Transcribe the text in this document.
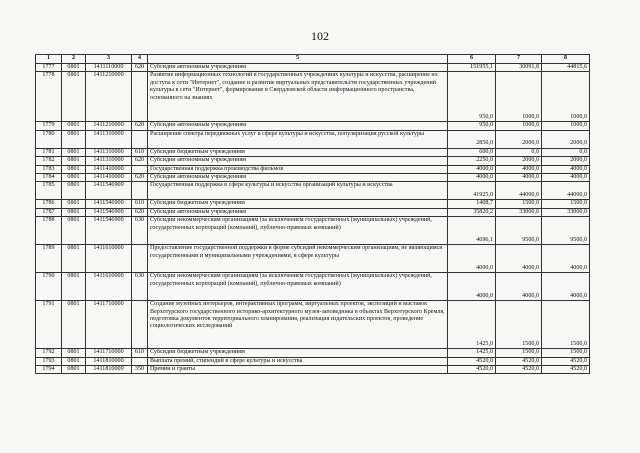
102
1	2	3	4	5	6	7	8
1777	0801	1411110000	620	Субсидии автономным учреждениям	151955,1	30091,8	44815,6
1778	0801	1411210000		Развитие информационных технологий в государственных учреждениях культуры и искусства, расширение их доступа к сети "Интернет", создание и развитие виртуальных представительств государственных учреждений культуры в сети "Интернет", формирование в Свердловской области информационного пространства, основанного на знаниях	950,0	1000,0	1000,0
1779	0801	1411210000	620	Субсидии автономным учреждениям	950,0	1000,0	1000,0
1780	0801	1411310000		Расширение спектра передвижных услуг в сфере культуры и искусства, популяризация русской культуры	2850,0	2000,0	2000,0
1781	0801	1411310000	610	Субсидии бюджетным учреждениям	600,0	0,0	0,0
1782	0801	1411310000	620	Субсидии автономным учреждениям	2250,0	2000,0	2000,0
1783	0801	1411410000		Государственная поддержка производства фильмов	4000,0	4000,0	4000,0
1784	0801	1411410000	620	Субсидии автономным учреждениям	4000,0	4000,0	4000,0
1785	0801	1411546900		Государственная поддержка в сфере культуры и искусства организаций культуры и искусства	41925,0	44000,0	44000,0
1786	0801	1411546900	610	Субсидии бюджетным учреждениям	1408,7	1500,0	1500,0
1787	0801	1411546900	620	Субсидии автономным учреждениям	35820,2	33000,0	33000,0
1788	0801	1411546900	630	Субсидии некоммерческим организациям (за исключением государственных (муниципальных) учреждений, государственных корпораций (компаний), публично-правовых компаний)	4696,1	9500,0	9500,0
1789	0801	1411610000		Предоставление государственной поддержки в форме субсидий некоммерческим организациям, не являющимся государственными и муниципальными учреждениями, в сфере культуры	4000,0	4000,0	4000,0
1790	0801	1411610000	630	Субсидии некоммерческим организациям (за исключением государственных (муниципальных) учреждений, государственных корпораций (компаний), публично-правовых компаний)	4000,0	4000,0	4000,0
1791	0801	1411710000		Создание музейных интерьеров, интерактивных программ, виртуальных проектов, экспозиций и выставок Верхотурского государственного историко-архитектурного музея-заповедника в объектах Верхотурского Кремля, подготовка документов территориального планирования, реализация издательских проектов, проведение социологических исследований	1425,0	1500,0	1500,0
1792	0801	1411710000	610	Субсидии бюджетным учреждениям	1425,0	1500,0	1500,0
1793	0801	1411810000		Выплата премий, стипендий в сфере культуры и искусства	4520,0	4520,0	4520,0
1794	0801	1411810000	350	Премии и гранты	4520,0	4520,0	4520,0
